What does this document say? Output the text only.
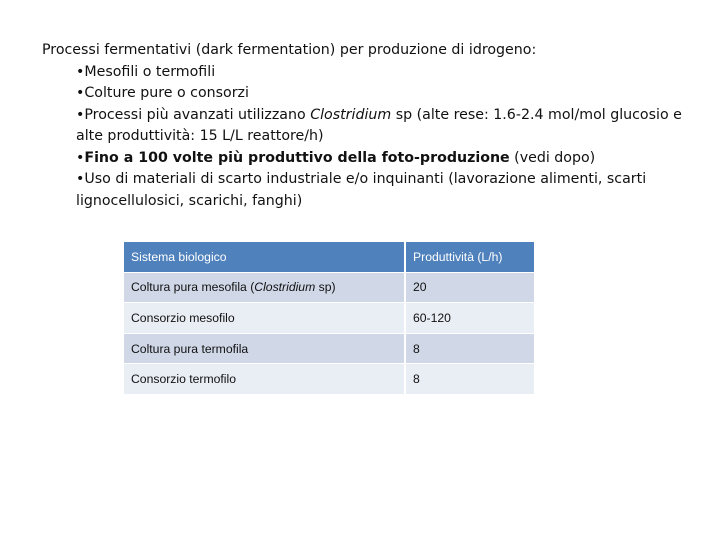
Processi fermentativi (dark fermentation) per produzione di idrogeno:
•Mesofili o termofili
•Colture pure o consorzi
•Processi più avanzati utilizzano Clostridium sp (alte rese: 1.6-2.4 mol/mol glucosio e alte produttività: 15 L/L reattore/h)
•Fino a 100 volte più produttivo della foto-produzione (vedi dopo)
•Uso di materiali di scarto industriale e/o inquinanti (lavorazione alimenti, scarti lignocellulosici, scarichi, fanghi)
Sistema biologico	Produttività (L/h)
Coltura pura mesofila (Clostridium sp)	20
Consorzio mesofilo	60-120
Coltura pura termofila	8
Consorzio termofilo	8
